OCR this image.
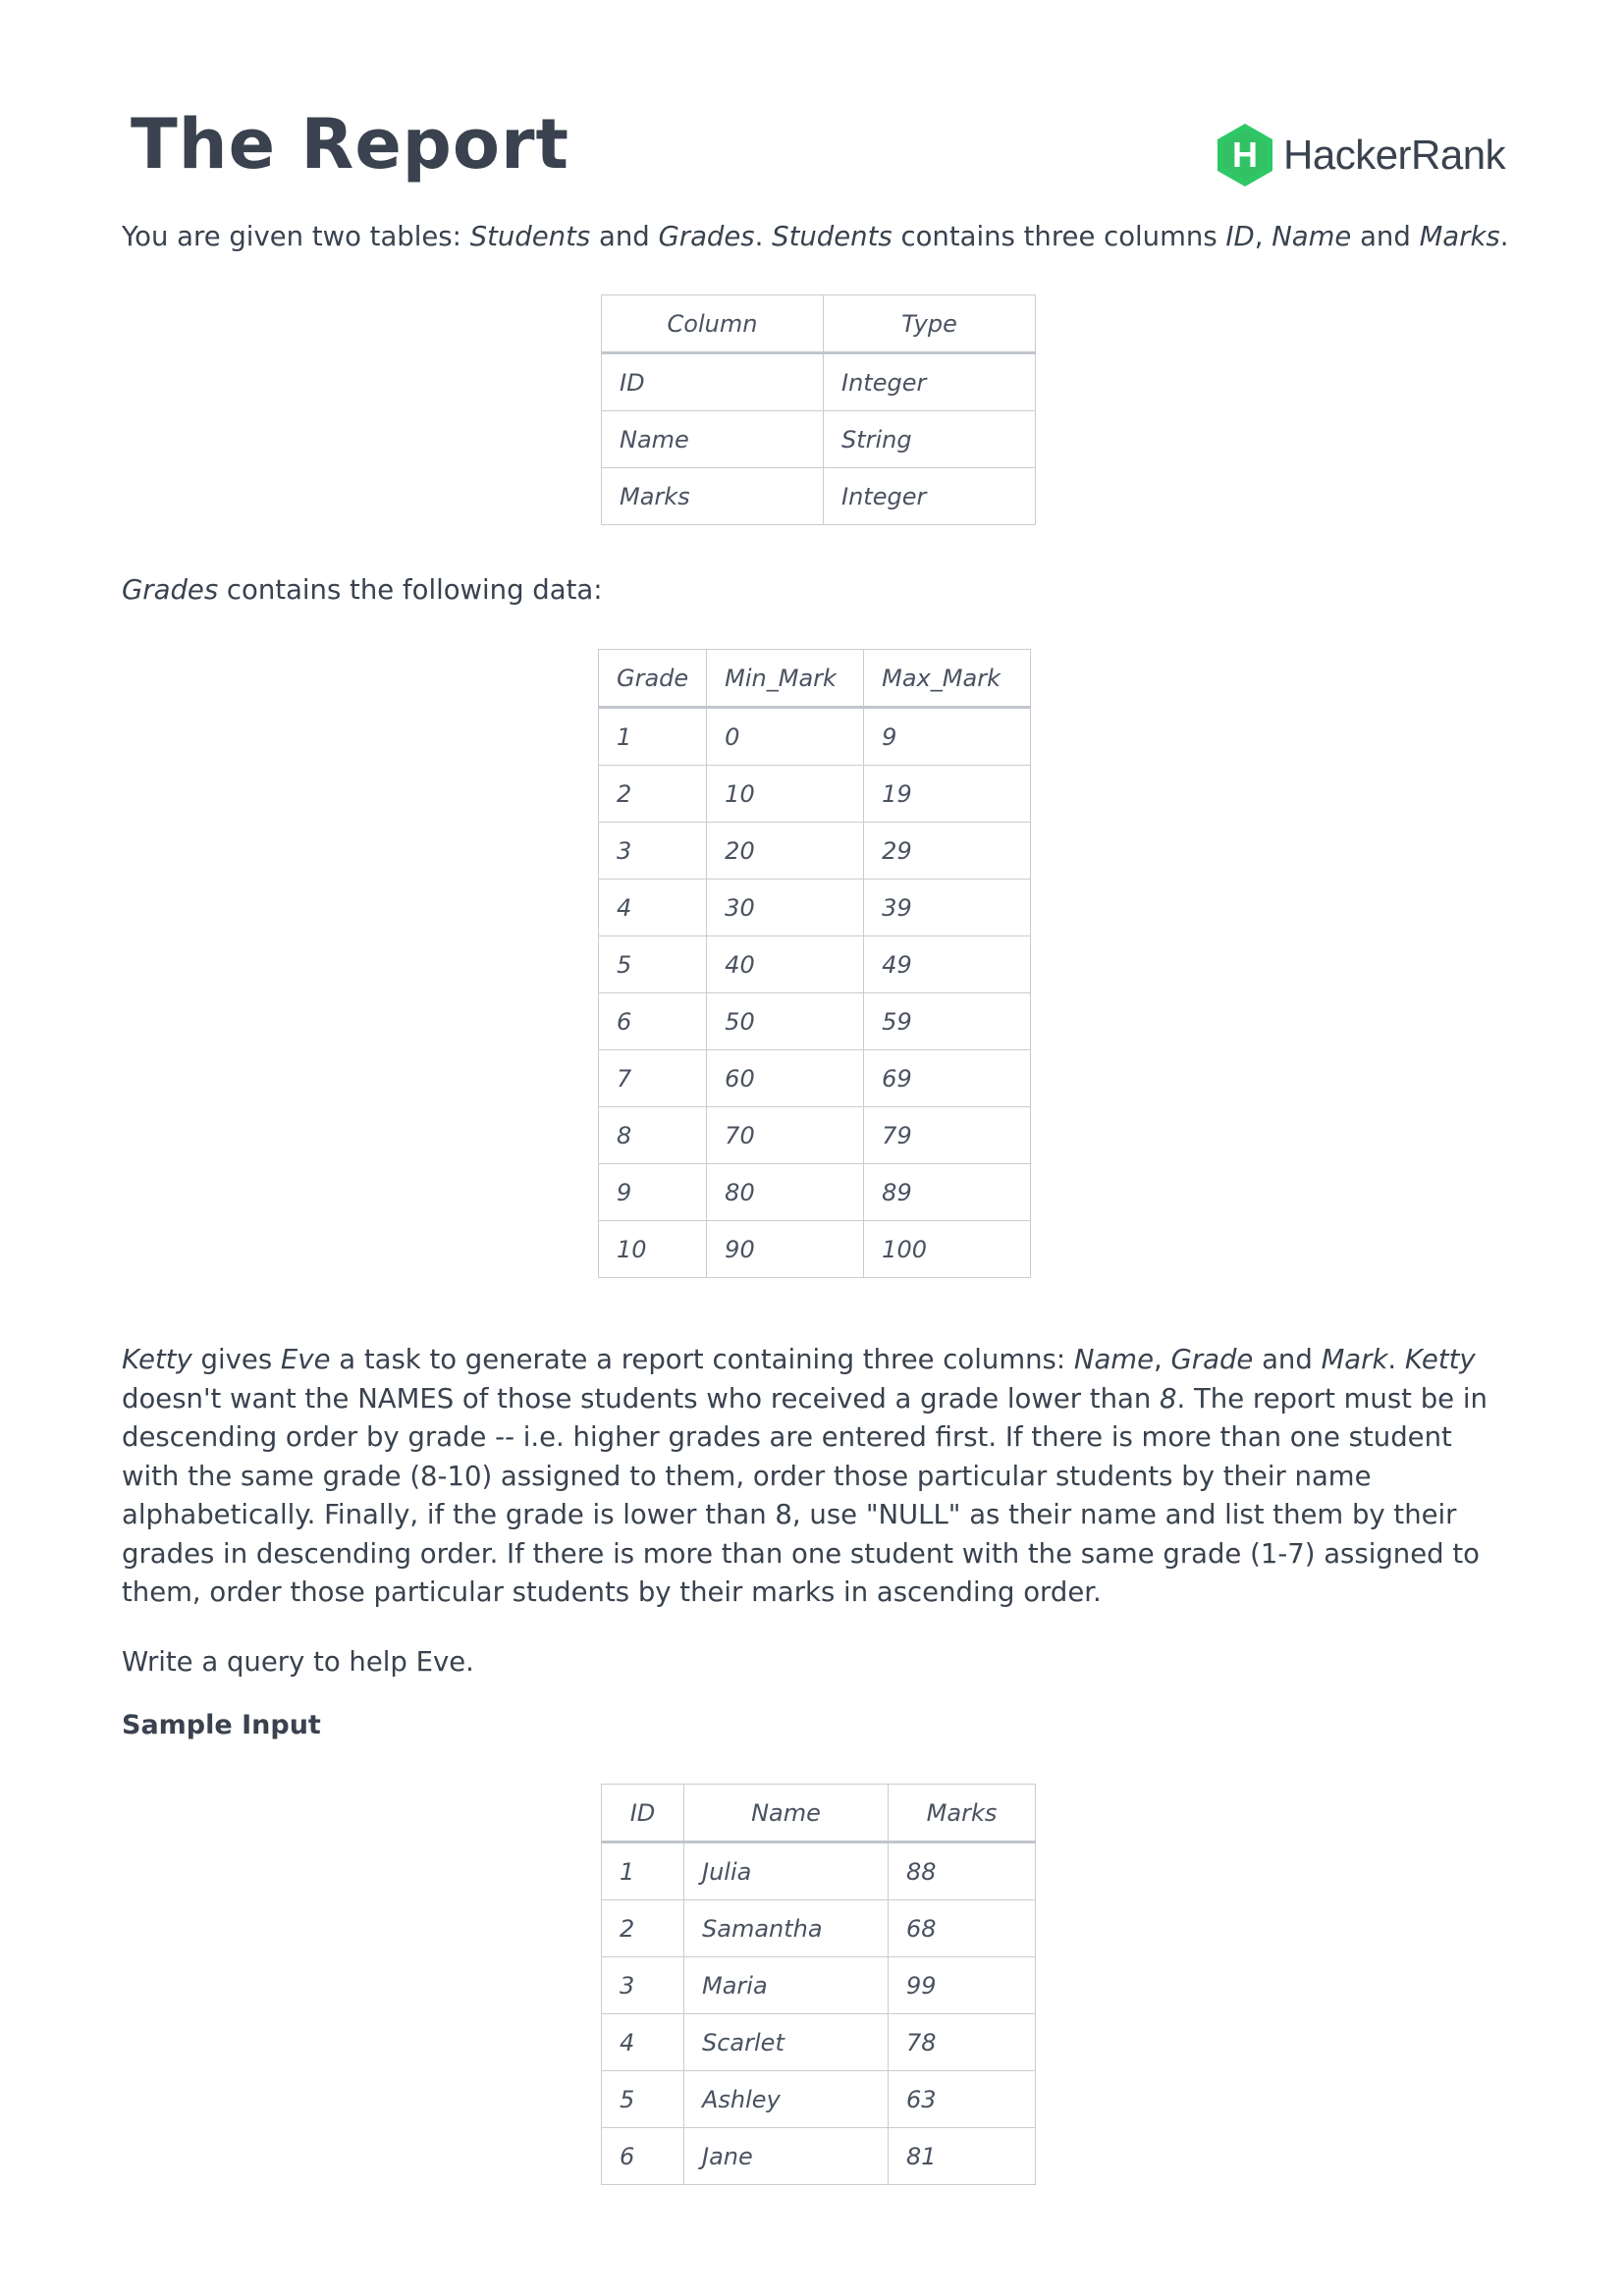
The Report	H HackerRank

You are given two tables: Students and Grades. Students contains three columns ID, Name and Marks.

Column	Type
ID	Integer
Name	String
Marks	Integer

Grades contains the following data:

Grade	Min_Mark	Max_Mark
1	0	9
2	10	19
3	20	29
4	30	39
5	40	49
6	50	59
7	60	69
8	70	79
9	80	89
10	90	100

Ketty gives Eve a task to generate a report containing three columns: Name, Grade and Mark. Ketty doesn't want the NAMES of those students who received a grade lower than 8. The report must be in descending order by grade -- i.e. higher grades are entered first. If there is more than one student with the same grade (8-10) assigned to them, order those particular students by their name alphabetically. Finally, if the grade is lower than 8, use "NULL" as their name and list them by their grades in descending order. If there is more than one student with the same grade (1-7) assigned to them, order those particular students by their marks in ascending order.

Write a query to help Eve.

Sample Input

ID	Name	Marks
1	Julia	88
2	Samantha	68
3	Maria	99
4	Scarlet	78
5	Ashley	63
6	Jane	81
